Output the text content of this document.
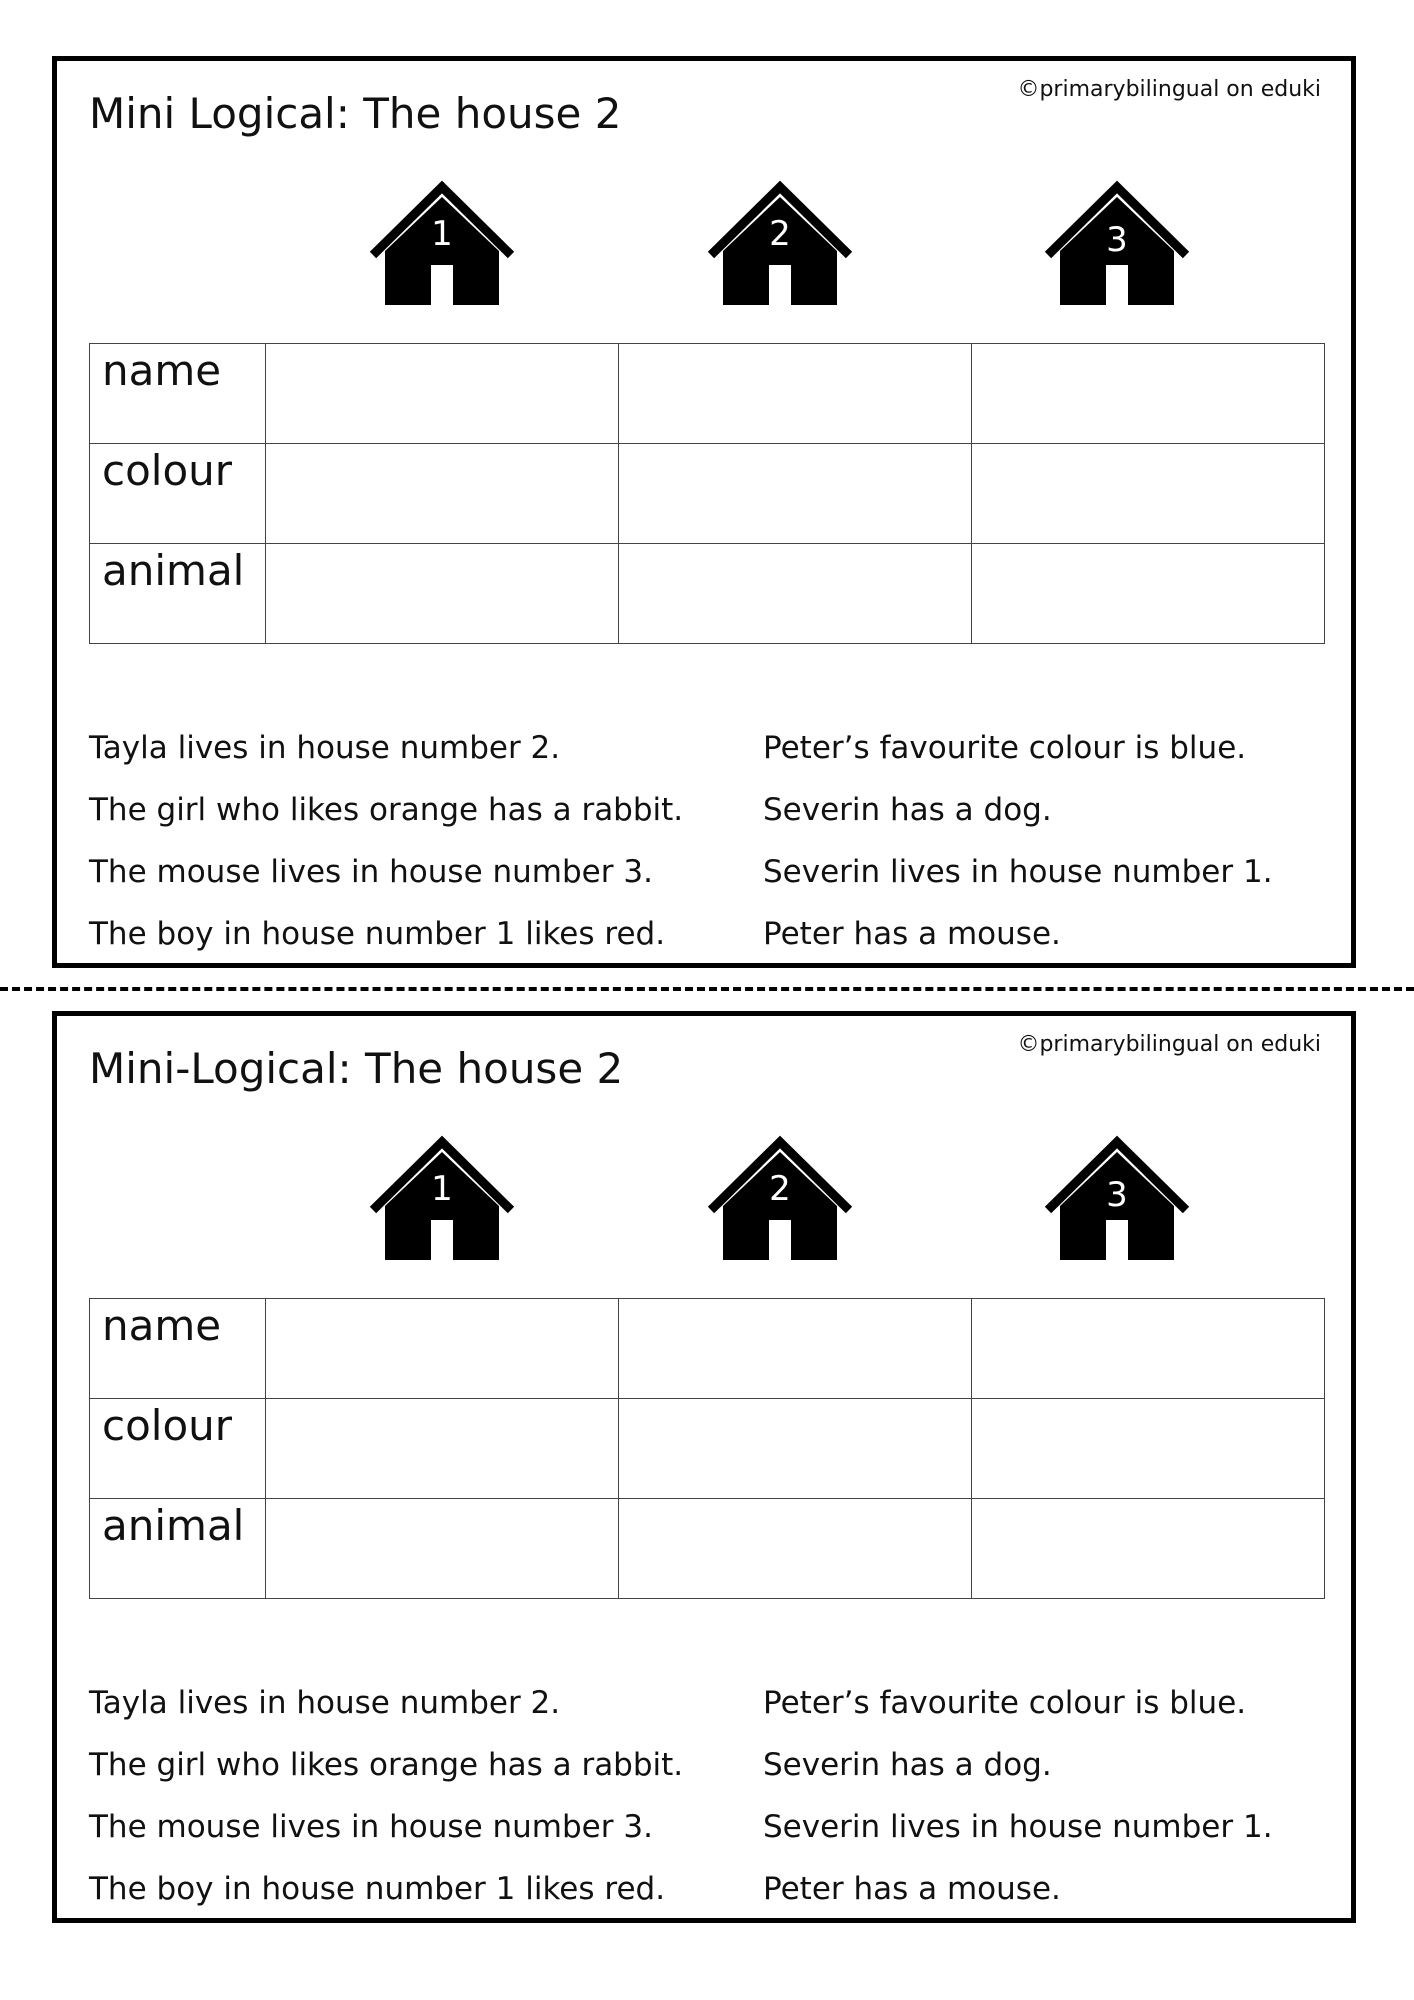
Mini Logical: The house 2	©primarybilingual on eduki
1	2	3
name			
colour			
animal			
Tayla lives in house number 2.
The girl who likes orange has a rabbit.
The mouse lives in house number 3.
The boy in house number 1 likes red.
Peter’s favourite colour is blue.
Severin has a dog.
Severin lives in house number 1.
Peter has a mouse.
Mini-Logical: The house 2	©primarybilingual on eduki
1	2	3
name			
colour			
animal			
Tayla lives in house number 2.
The girl who likes orange has a rabbit.
The mouse lives in house number 3.
The boy in house number 1 likes red.
Peter’s favourite colour is blue.
Severin has a dog.
Severin lives in house number 1.
Peter has a mouse.
